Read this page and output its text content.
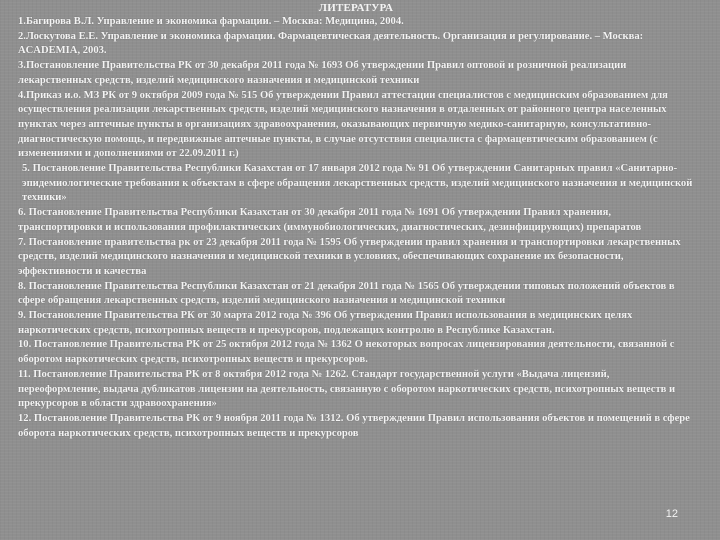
ЛИТЕРАТУРА

1.Багирова В.Л. Управление и экономика фармации. – Москва: Медицина, 2004.

2.Лоскутова Е.Е. Управление и экономика фармации. Фармацевтическая деятельность. Организация и регулирование. – Москва: ACADEMIA, 2003.

3.Постановление Правительства РК от 30 декабря 2011 года № 1693 Об утверждении Правил оптовой и розничной реализации лекарственных средств, изделий медицинского назначения и медицинской техники

4.Приказ и.о. МЗ РК от 9 октября 2009 года № 515 Об утверждении Правил аттестации специалистов с медицинским образованием для осуществления реализации лекарственных средств, изделий медицинского назначения в отдаленных от районного центра населенных пунктах через аптечные пункты в организациях здравоохранения, оказывающих первичную медико-санитарную, консультативно-диагностическую помощь, и передвижные аптечные пункты, в случае отсутствия специалиста с фармацевтическим образованием (с изменениями и дополнениями от 22.09.2011 г.)

5. Постановление Правительства Республики Казахстан от 17 января 2012 года № 91 Об утверждении Санитарных правил «Санитарно-эпидемиологические требования к объектам в сфере обращения лекарственных средств, изделий медицинского назначения и медицинской техники»

6. Постановление Правительства Республики Казахстан от 30 декабря 2011 года № 1691 Об утверждении Правил хранения, транспортировки и использования профилактических (иммунобиологических, диагностических, дезинфицирующих) препаратов

7. Постановление правительства рк от 23 декабря 2011 года № 1595 Об утверждении правил хранения и транспортировки лекарственных средств, изделий медицинского назначения и медицинской техники в условиях, обеспечивающих сохранение их безопасности, эффективности и качества

8. Постановление Правительства Республики Казахстан от 21 декабря 2011 года № 1565 Об утверждении типовых положений объектов в сфере обращения лекарственных средств, изделий медицинского назначения и медицинской техники

9. Постановление Правительства РК от 30 марта 2012 года № 396 Об утверждении Правил использования в медицинских целях наркотических средств, психотропных веществ и прекурсоров, подлежащих контролю в Республике Казахстан.

10. Постановление Правительства РК от 25 октября 2012 года № 1362 О некоторых вопросах лицензирования деятельности, связанной с оборотом наркотических средств, психотропных веществ и прекурсоров.

11. Постановление Правительства РК от 8 октября 2012 года № 1262. Стандарт государственной услуги «Выдача лицензий, переоформление, выдача дубликатов лицензии на деятельность, связанную с оборотом наркотических средств, психотропных веществ и прекурсоров в области здравоохранения»

12. Постановление Правительства РК от 9 ноября 2011 года № 1312. Об утверждении Правил использования объектов и помещений в сфере оборота наркотических средств, психотропных веществ и прекурсоров

12
